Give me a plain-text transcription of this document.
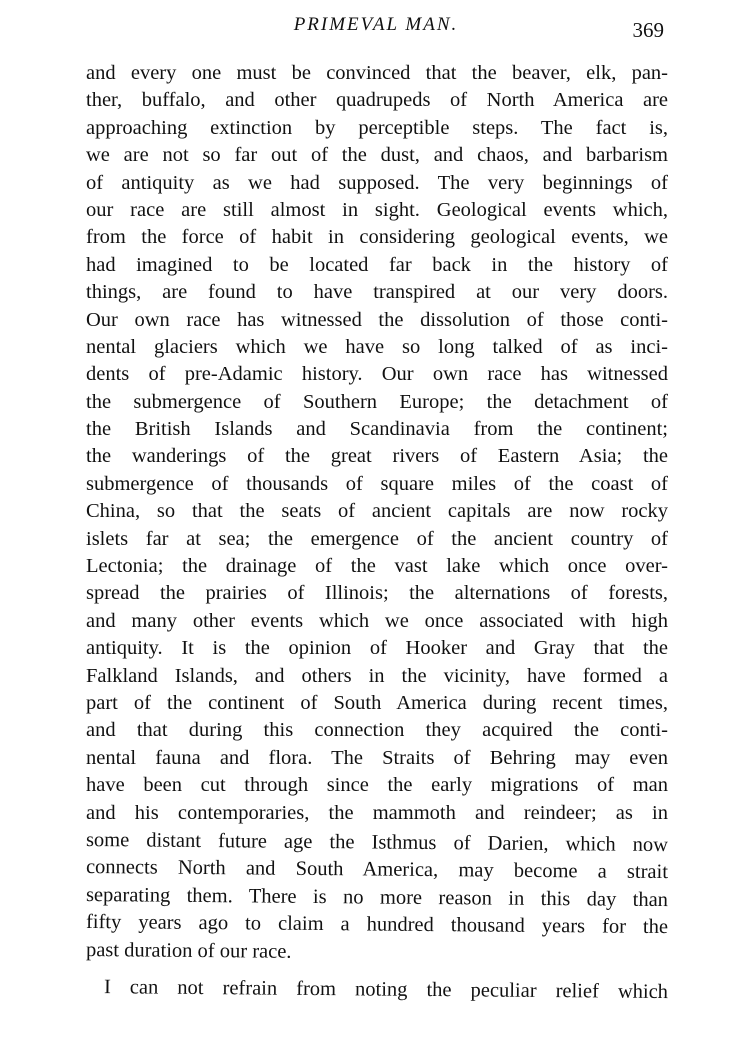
PRIMEVAL MAN.	369
and every one must be convinced that the beaver, elk, pan-
ther, buffalo, and other quadrupeds of North America are
approaching extinction by perceptible steps. The fact is,
we are not so far out of the dust, and chaos, and barbarism
of antiquity as we had supposed. The very beginnings of
our race are still almost in sight. Geological events which,
from the force of habit in considering geological events, we
had imagined to be located far back in the history of
things, are found to have transpired at our very doors.
Our own race has witnessed the dissolution of those conti-
nental glaciers which we have so long talked of as inci-
dents of pre-Adamic history. Our own race has witnessed
the submergence of Southern Europe; the detachment of
the British Islands and Scandinavia from the continent;
the wanderings of the great rivers of Eastern Asia; the
submergence of thousands of square miles of the coast of
China, so that the seats of ancient capitals are now rocky
islets far at sea; the emergence of the ancient country of
Lectonia; the drainage of the vast lake which once over-
spread the prairies of Illinois; the alternations of forests,
and many other events which we once associated with high
antiquity. It is the opinion of Hooker and Gray that the
Falkland Islands, and others in the vicinity, have formed a
part of the continent of South America during recent times,
and that during this connection they acquired the conti-
nental fauna and flora. The Straits of Behring may even
have been cut through since the early migrations of man
and his contemporaries, the mammoth and reindeer; as in
some distant future age the Isthmus of Darien, which now
connects North and South America, may become a strait
separating them. There is no more reason in this day than
fifty years ago to claim a hundred thousand years for the
past duration of our race.
I can not refrain from noting the peculiar relief which
